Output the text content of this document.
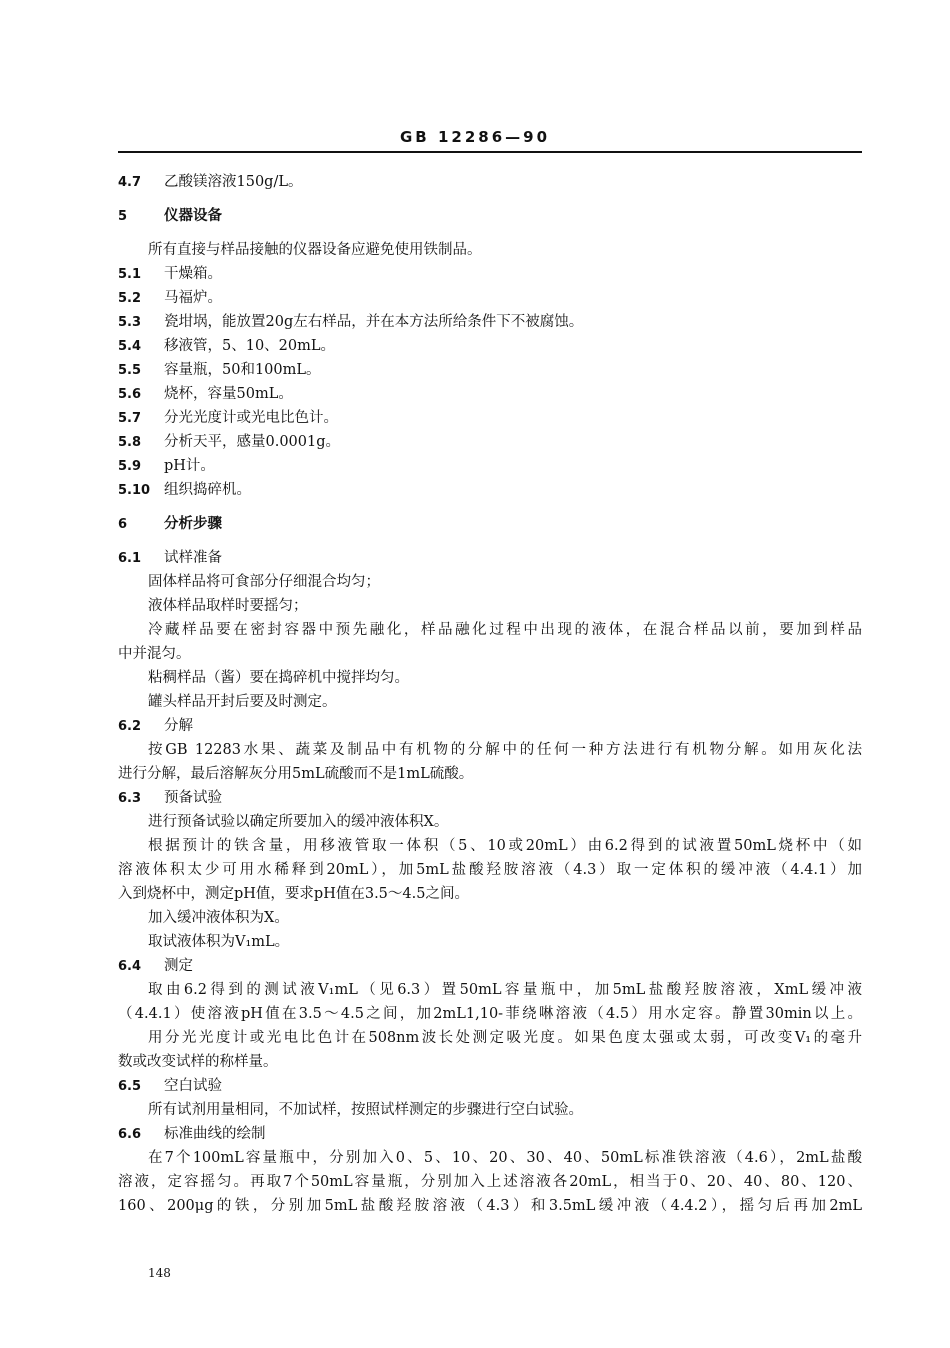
GB 12286—90
4.7 乙酸镁溶液150g/L。
5	仪器设备
所有直接与样品接触的仪器设备应避免使用铁制品。
5.1 干燥箱。
5.2 马福炉。
5.3 瓷坩埚，能放置20g左右样品，并在本方法所给条件下不被腐蚀。
5.4 移液管，5、10、20mL。
5.5 容量瓶，50和100mL。
5.6 烧杯，容量50mL。
5.7 分光光度计或光电比色计。
5.8 分析天平，感量0.0001g。
5.9 pH计。
5.10 组织捣碎机。
6	分析步骤
6.1 试样准备
固体样品将可食部分仔细混合均匀；
液体样品取样时要摇匀；
冷藏样品要在密封容器中预先融化，样品融化过程中出现的液体，在混合样品以前，要加到样品
中并混匀。
粘稠样品（酱）要在捣碎机中搅拌均匀。
罐头样品开封后要及时测定。
6.2 分解
按GB 12283水果、蔬菜及制品中有机物的分解中的任何一种方法进行有机物分解。如用灰化法
进行分解，最后溶解灰分用5mL硫酸而不是1mL硫酸。
6.3 预备试验
进行预备试验以确定所要加入的缓冲液体积X。
根据预计的铁含量，用移液管取一体积（5、10或20mL）由6.2得到的试液置50mL烧杯中（如
溶液体积太少可用水稀释到20mL），加5mL盐酸羟胺溶液（4.3）取一定体积的缓冲液（4.4.1）加
入到烧杯中，测定pH值，要求pH值在3.5～4.5之间。
加入缓冲液体积为X。
取试液体积为V₁mL。
6.4 测定
取由6.2得到的测试液V₁mL（见6.3）置50mL容量瓶中，加5mL盐酸羟胺溶液，XmL缓冲液
（4.4.1）使溶液pH值在3.5～4.5之间，加2mL1,10-菲绕啉溶液（4.5）用水定容。静置30min以上。
用分光光度计或光电比色计在508nm波长处测定吸光度。如果色度太强或太弱，可改变V₁的毫升
数或改变试样的称样量。
6.5 空白试验
所有试剂用量相同，不加试样，按照试样测定的步骤进行空白试验。
6.6 标准曲线的绘制
在7个100mL容量瓶中，分别加入0、5、10、20、30、40、50mL标准铁溶液（4.6），2mL盐酸
溶液，定容摇匀。再取7个50mL容量瓶，分别加入上述溶液各20mL，相当于0、20、40、80、120、
160、200μg的铁，分别加5mL盐酸羟胺溶液（4.3）和3.5mL缓冲液（4.4.2），摇匀后再加2mL
148
